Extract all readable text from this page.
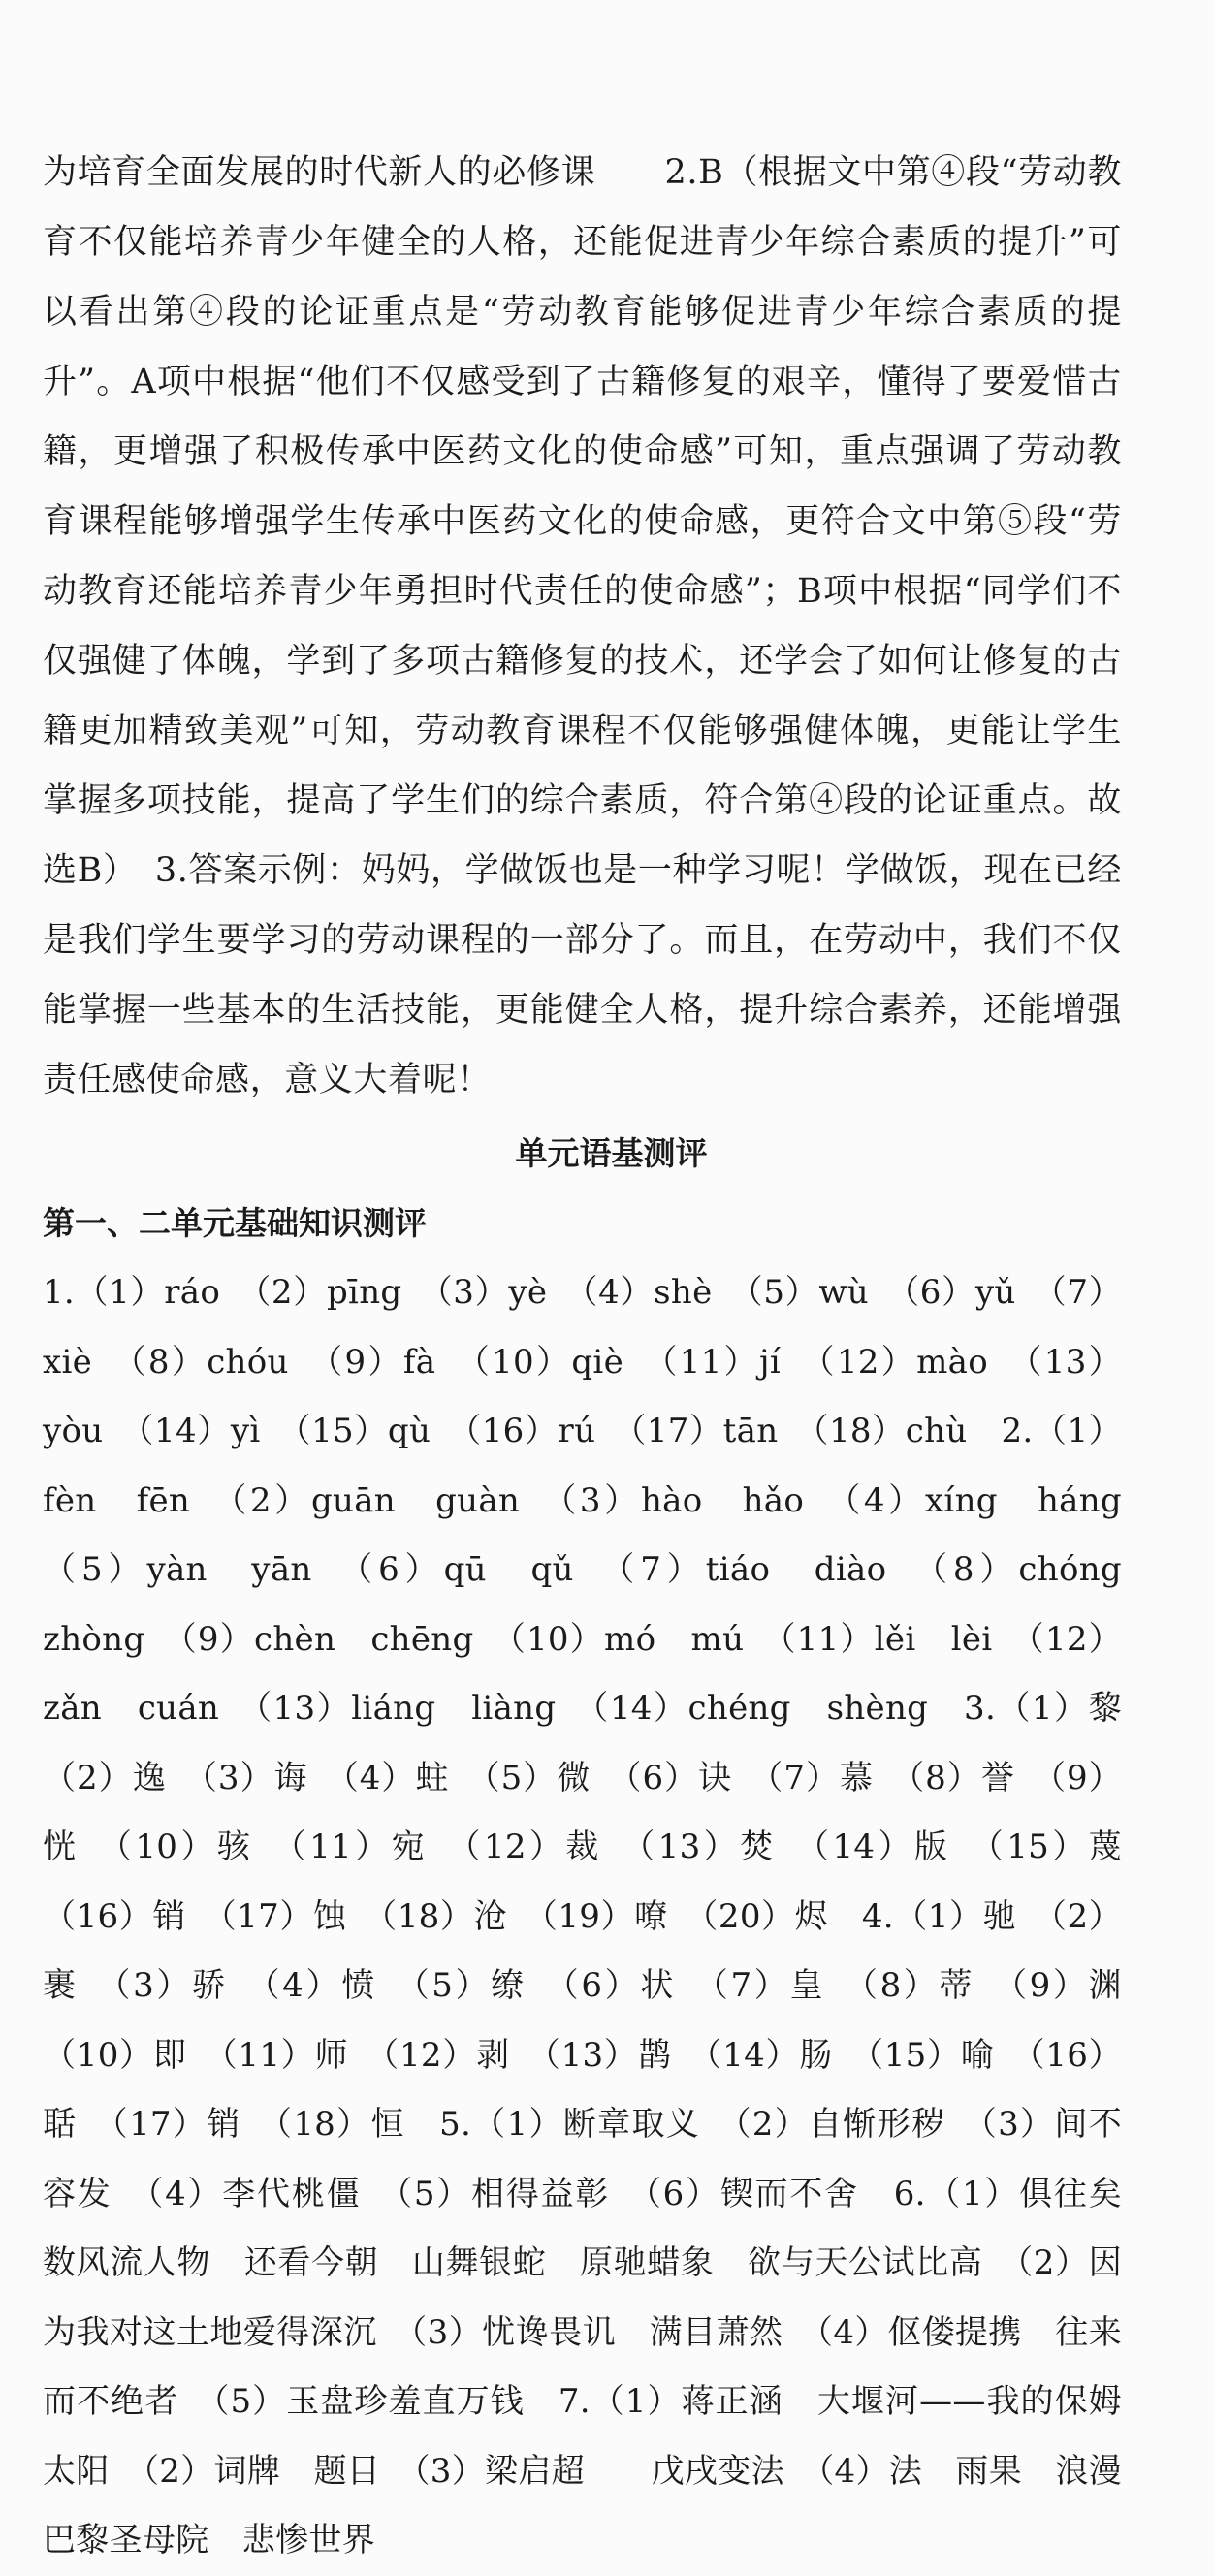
为培育全面发展的时代新人的必修课　　2.B（根据文中第④段“劳动教育不仅能培养青少年健全的人格，还能促进青少年综合素质的提升”可以看出第④段的论证重点是“劳动教育能够促进青少年综合素质的提升”。A项中根据“他们不仅感受到了古籍修复的艰辛，懂得了要爱惜古籍，更增强了积极传承中医药文化的使命感”可知，重点强调了劳动教育课程能够增强学生传承中医药文化的使命感，更符合文中第⑤段“劳动教育还能培养青少年勇担时代责任的使命感”；B项中根据“同学们不仅强健了体魄，学到了多项古籍修复的技术，还学会了如何让修复的古籍更加精致美观”可知，劳动教育课程不仅能够强健体魄，更能让学生掌握多项技能，提高了学生们的综合素质，符合第④段的论证重点。故选B）　3.答案示例：妈妈，学做饭也是一种学习呢！学做饭，现在已经是我们学生要学习的劳动课程的一部分了。而且，在劳动中，我们不仅能掌握一些基本的生活技能，更能健全人格，提升综合素养，还能增强责任感使命感，意义大着呢！

单元语基测评
第一、二单元基础知识测评

1.（1）ráo　（2）pīng　（3）yè　（4）shè　（5）wù　（6）yǔ　（7）xiè　（8）chóu　（9）fà　（10）qiè　（11）jí　（12）mào　（13）yòu　（14）yì　（15）qù　（16）rú　（17）tān　（18）chù　2.（1）fèn　fēn　（2）guān　guàn　（3）hào　hǎo　（4）xíng　háng　（5）yàn　yān　（6）qū　qǔ　（7）tiáo　diào　（8）chóng　zhòng　（9）chèn　chēng　（10）mó　mú　（11）lěi　lèi　（12）zǎn　cuán　（13）liáng　liàng　（14）chéng　shèng　3.（1）黎　（2）逸　（3）诲　（4）蛀　（5）微　（6）诀　（7）慕　（8）誉　（9）恍　（10）骇　（11）宛　（12）裁　（13）焚　（14）版　（15）蔑　（16）销　（17）蚀　（18）沧　（19）嘹　（20）烬　4.（1）驰　（2）裹　（3）骄　（4）愤　（5）缭　（6）状　（7）皇　（8）蒂　（9）渊　（10）即　（11）师　（12）剥　（13）鹊　（14）肠　（15）喻　（16）聒　（17）销　（18）恒　5.（1）断章取义　（2）自惭形秽　（3）间不容发　（4）李代桃僵　（5）相得益彰　（6）锲而不舍　6.（1）俱往矣　数风流人物　还看今朝　山舞银蛇　原驰蜡象　欲与天公试比高　（2）因为我对这土地爱得深沉　（3）忧谗畏讥　满目萧然　（4）伛偻提携　往来而不绝者　（5）玉盘珍羞直万钱　7.（1）蒋正涵　大堰河——我的保姆　太阳　（2）词牌　题目　（3）梁启超　　戊戌变法　（4）法　雨果　浪漫　巴黎圣母院　悲惨世界
